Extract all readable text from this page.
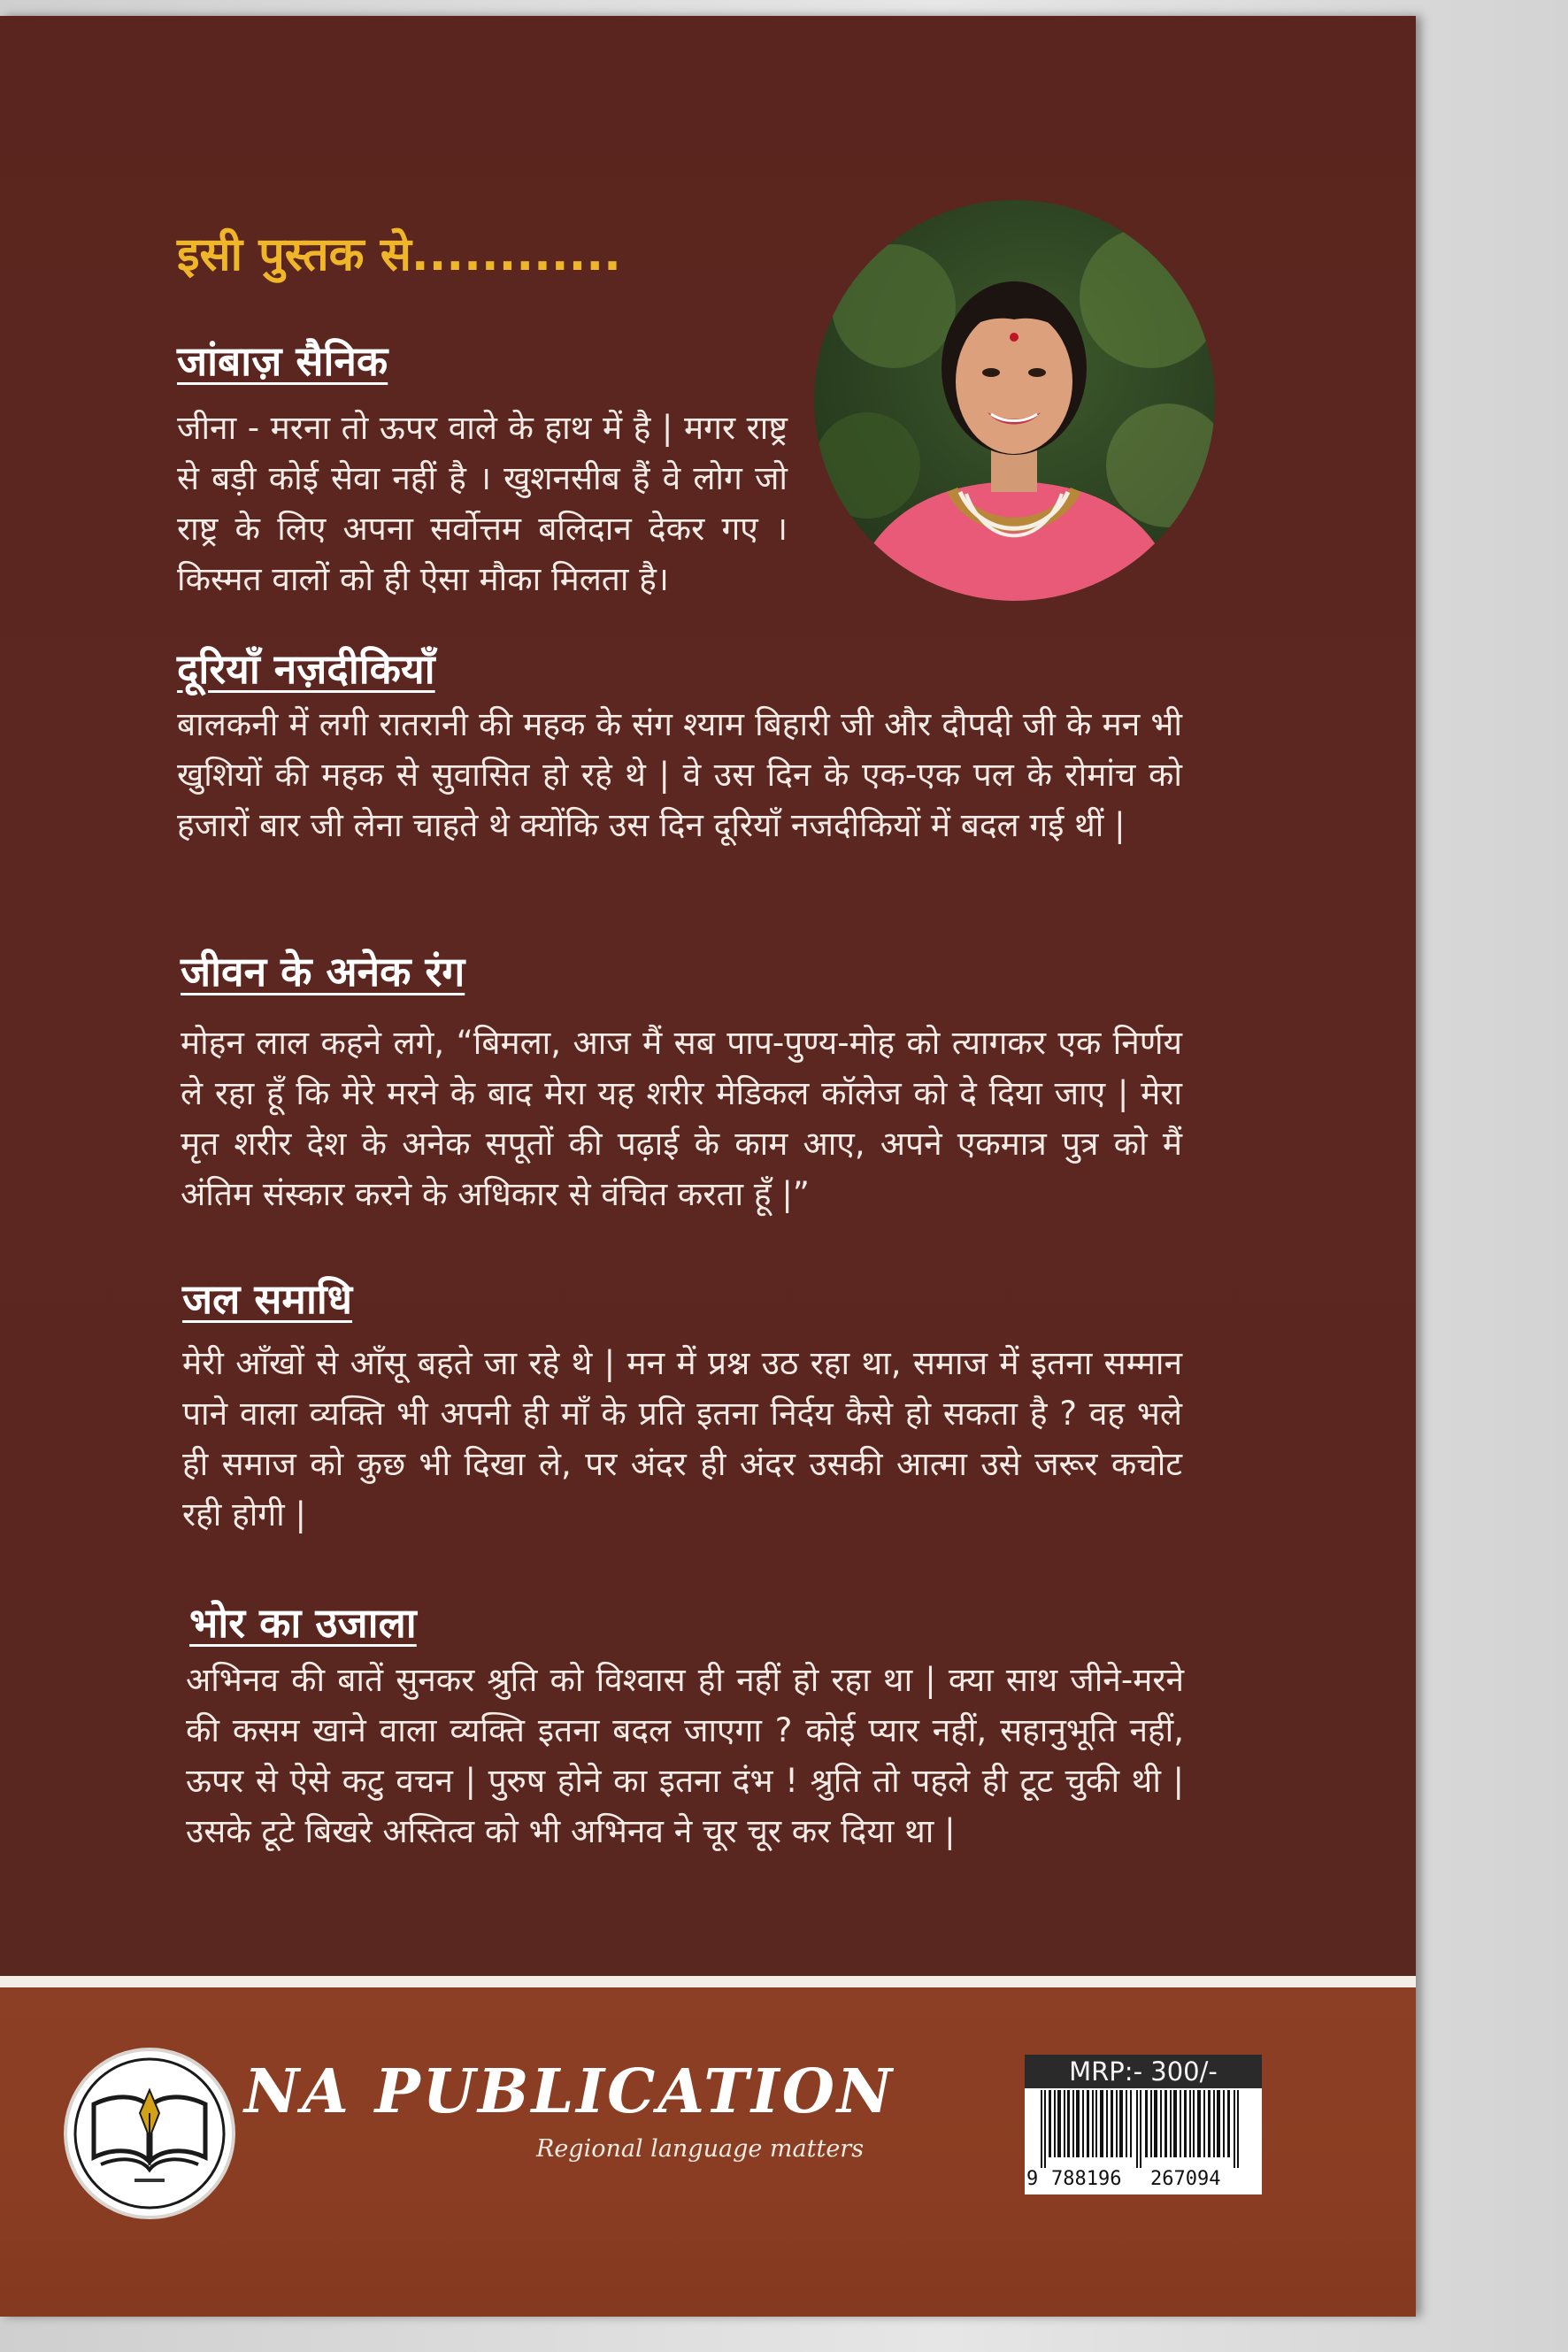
इसी पुस्तक से............
जांबाज़ सैनिक
जीना - मरना तो ऊपर वाले के हाथ में है | मगर राष्ट्र से बड़ी कोई सेवा नहीं है । खुशनसीब हैं वे लोग जो राष्ट्र के लिए अपना सर्वोत्तम बलिदान देकर गए । किस्मत वालों को ही ऐसा मौका मिलता है।
दूरियाँ नज़दीकियाँ
बालकनी में लगी रातरानी की महक के संग श्याम बिहारी जी और दौपदी जी के मन भी खुशियों की महक से सुवासित हो रहे थे | वे उस दिन के एक-एक पल के रोमांच को हजारों बार जी लेना चाहते थे क्योंकि उस दिन दूरियाँ नजदीकियों में बदल गई थीं |
जीवन के अनेक रंग
मोहन लाल कहने लगे, “बिमला, आज मैं सब पाप-पुण्य-मोह को त्यागकर एक निर्णय ले रहा हूँ कि मेरे मरने के बाद मेरा यह शरीर मेडिकल कॉलेज को दे दिया जाए | मेरा मृत शरीर देश के अनेक सपूतों की पढ़ाई के काम आए, अपने एकमात्र पुत्र को मैं अंतिम संस्कार करने के अधिकार से वंचित करता हूँ |”
जल समाधि
मेरी आँखों से आँसू बहते जा रहे थे | मन में प्रश्न उठ रहा था, समाज में इतना सम्मान पाने वाला व्यक्ति भी अपनी ही माँ के प्रति इतना निर्दय कैसे हो सकता है ? वह भले ही समाज को कुछ भी दिखा ले, पर अंदर ही अंदर उसकी आत्मा उसे जरूर कचोट रही होगी |
भोर का उजाला
अभिनव की बातें सुनकर श्रुति को विश्वास ही नहीं हो रहा था | क्या साथ जीने-मरने की कसम खाने वाला व्यक्ति इतना बदल जाएगा ? कोई प्यार नहीं, सहानुभूति नहीं, ऊपर से ऐसे कटु वचन | पुरुष होने का इतना दंभ ! श्रुति तो पहले ही टूट चुकी थी | उसके टूटे बिखरे अस्तित्व को भी अभिनव ने चूर चूर कर दिया था |
NA PUBLICATION
Regional language matters
MRP:- 300/-
9 788196 267094
